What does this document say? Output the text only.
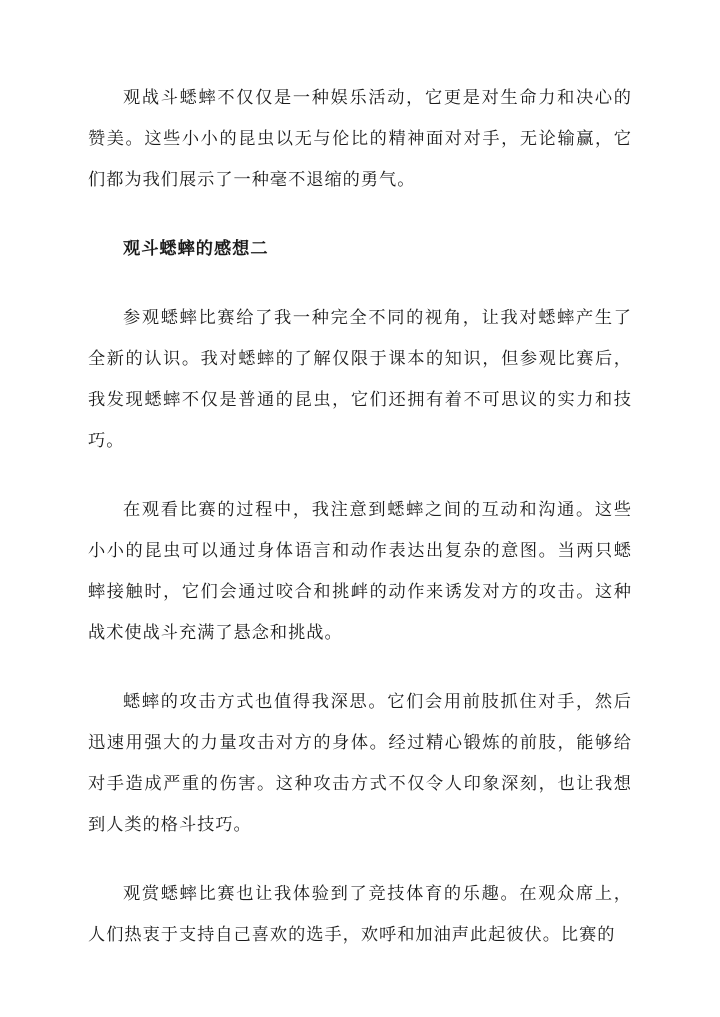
观战斗蟋蟀不仅仅是一种娱乐活动，它更是对生命力和决心的赞美。这些小小的昆虫以无与伦比的精神面对对手，无论输赢，它们都为我们展示了一种毫不退缩的勇气。

观斗蟋蟀的感想二

参观蟋蟀比赛给了我一种完全不同的视角，让我对蟋蟀产生了全新的认识。我对蟋蟀的了解仅限于课本的知识，但参观比赛后，我发现蟋蟀不仅是普通的昆虫，它们还拥有着不可思议的实力和技巧。

在观看比赛的过程中，我注意到蟋蟀之间的互动和沟通。这些小小的昆虫可以通过身体语言和动作表达出复杂的意图。当两只蟋蟀接触时，它们会通过咬合和挑衅的动作来诱发对方的攻击。这种战术使战斗充满了悬念和挑战。

蟋蟀的攻击方式也值得我深思。它们会用前肢抓住对手，然后迅速用强大的力量攻击对方的身体。经过精心锻炼的前肢，能够给对手造成严重的伤害。这种攻击方式不仅令人印象深刻，也让我想到人类的格斗技巧。

观赏蟋蟀比赛也让我体验到了竞技体育的乐趣。在观众席上，人们热衷于支持自己喜欢的选手，欢呼和加油声此起彼伏。比赛的
